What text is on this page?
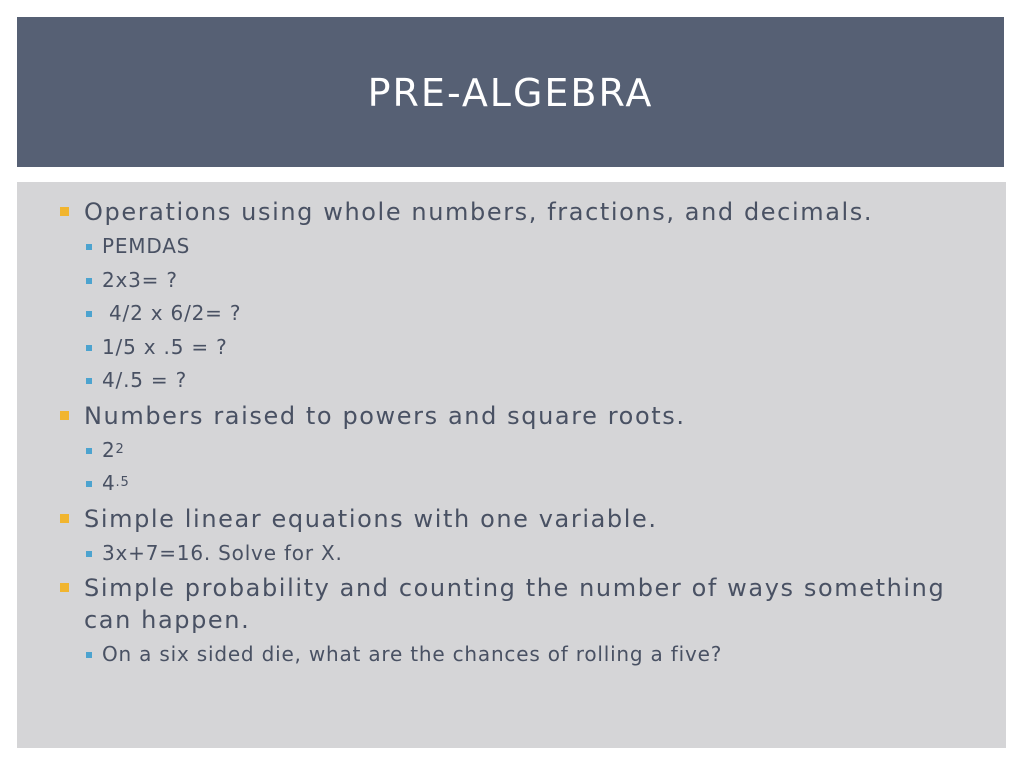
PRE-ALGEBRA
Operations using whole numbers, fractions, and decimals.
PEMDAS
2x3= ?
4/2 x 6/2= ?
1/5 x .5 = ?
4/.5 = ?
Numbers raised to powers and square roots.
$2^2$
$4^{.5}$
Simple linear equations with one variable.
3x+7=16. Solve for X.
Simple probability and counting the number of ways something can happen.
On a six sided die, what are the chances of rolling a five?
